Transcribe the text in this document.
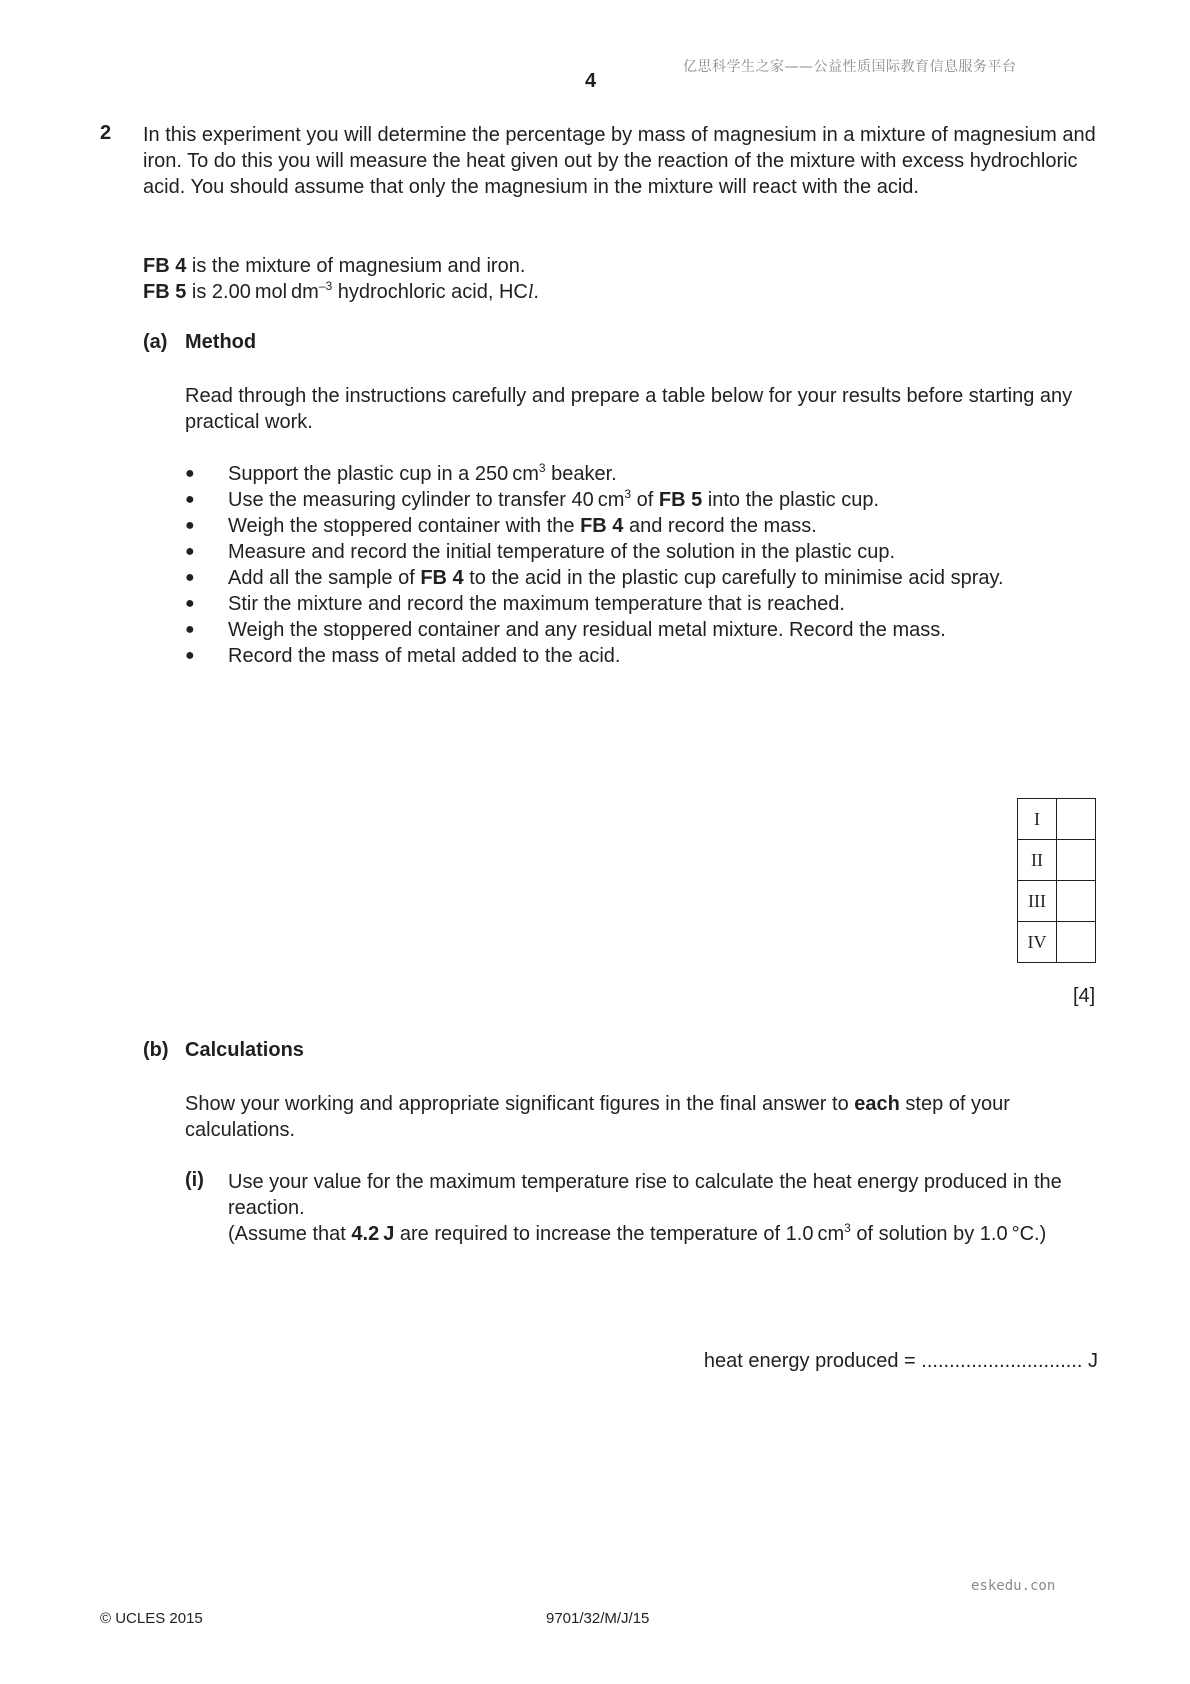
亿思科学生之家——公益性质国际教育信息服务平台
4
2 In this experiment you will determine the percentage by mass of magnesium in a mixture of magnesium and iron. To do this you will measure the heat given out by the reaction of the mixture with excess hydrochloric acid. You should assume that only the magnesium in the mixture will react with the acid.
FB 4 is the mixture of magnesium and iron.
FB 5 is 2.00 mol $dm^{-3}$ hydrochloric acid, HCl.
(a) Method
Read through the instructions carefully and prepare a table below for your results before starting any practical work.
● Support the plastic cup in a 250 $cm^3$ beaker.
● Use the measuring cylinder to transfer 40 $cm^3$ of FB 5 into the plastic cup.
● Weigh the stoppered container with the FB 4 and record the mass.
● Measure and record the initial temperature of the solution in the plastic cup.
● Add all the sample of FB 4 to the acid in the plastic cup carefully to minimise acid spray.
● Stir the mixture and record the maximum temperature that is reached.
● Weigh the stoppered container and any residual metal mixture. Record the mass.
● Record the mass of metal added to the acid.
I	
II	
III	
IV	
[4]
(b) Calculations
Show your working and appropriate significant figures in the final answer to each step of your calculations.
(i) Use your value for the maximum temperature rise to calculate the heat energy produced in the reaction.
(Assume that 4.2 J are required to increase the temperature of 1.0 $cm^3$ of solution by 1.0 °C.)
heat energy produced = ............................. J
eskedu.con
© UCLES 2015	9701/32/M/J/15
